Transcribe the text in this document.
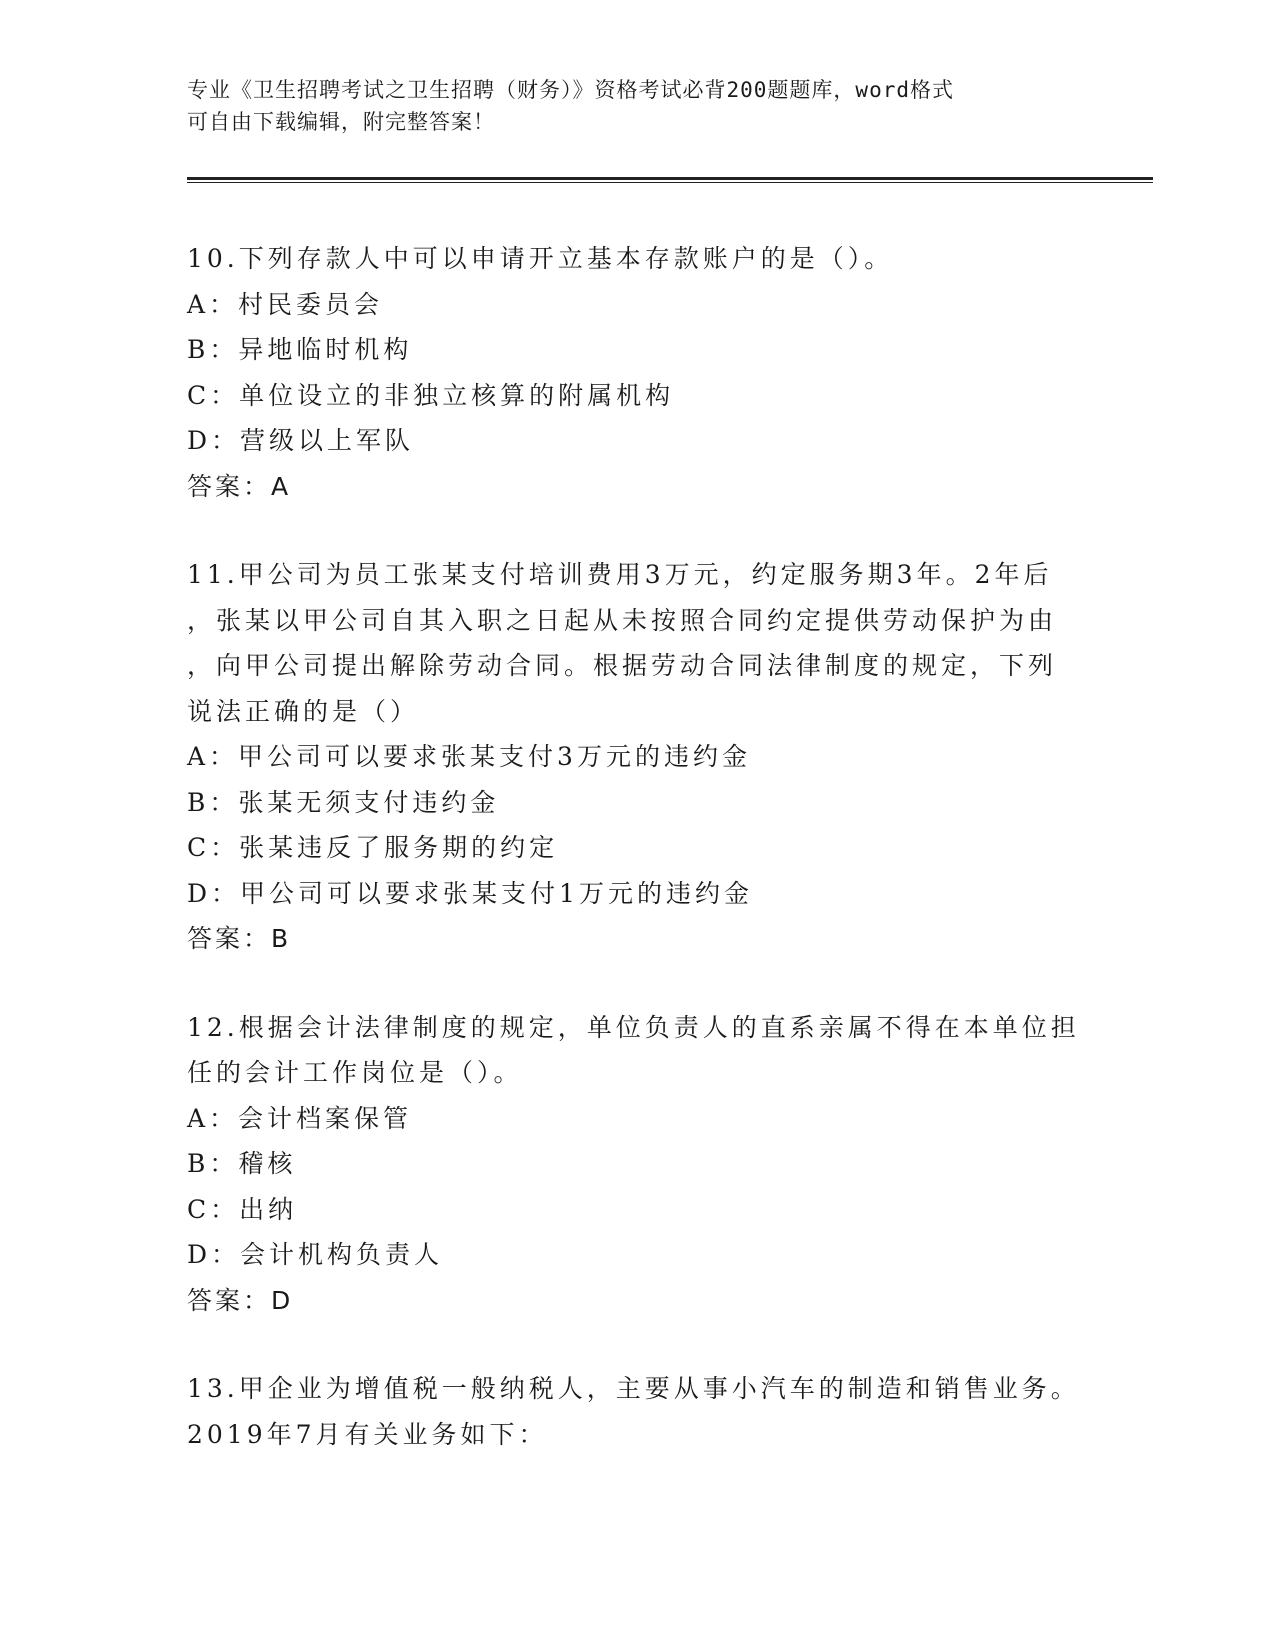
专业《卫生招聘考试之卫生招聘（财务）》资格考试必背200题题库，word格式
可自由下载编辑，附完整答案！
10.下列存款人中可以申请开立基本存款账户的是（）。
A：村民委员会
B：异地临时机构
C：单位设立的非独立核算的附属机构
D：营级以上军队
答案：A
11.甲公司为员工张某支付培训费用3万元，约定服务期3年。2年后
，张某以甲公司自其入职之日起从未按照合同约定提供劳动保护为由
，向甲公司提出解除劳动合同。根据劳动合同法律制度的规定，下列
说法正确的是（）
A：甲公司可以要求张某支付3万元的违约金
B：张某无须支付违约金
C：张某违反了服务期的约定
D：甲公司可以要求张某支付1万元的违约金
答案：B
12.根据会计法律制度的规定，单位负责人的直系亲属不得在本单位担
任的会计工作岗位是（）。
A：会计档案保管
B：稽核
C：出纳
D：会计机构负责人
答案：D
13.甲企业为增值税一般纳税人，主要从事小汽车的制造和销售业务。
2019年7月有关业务如下：
